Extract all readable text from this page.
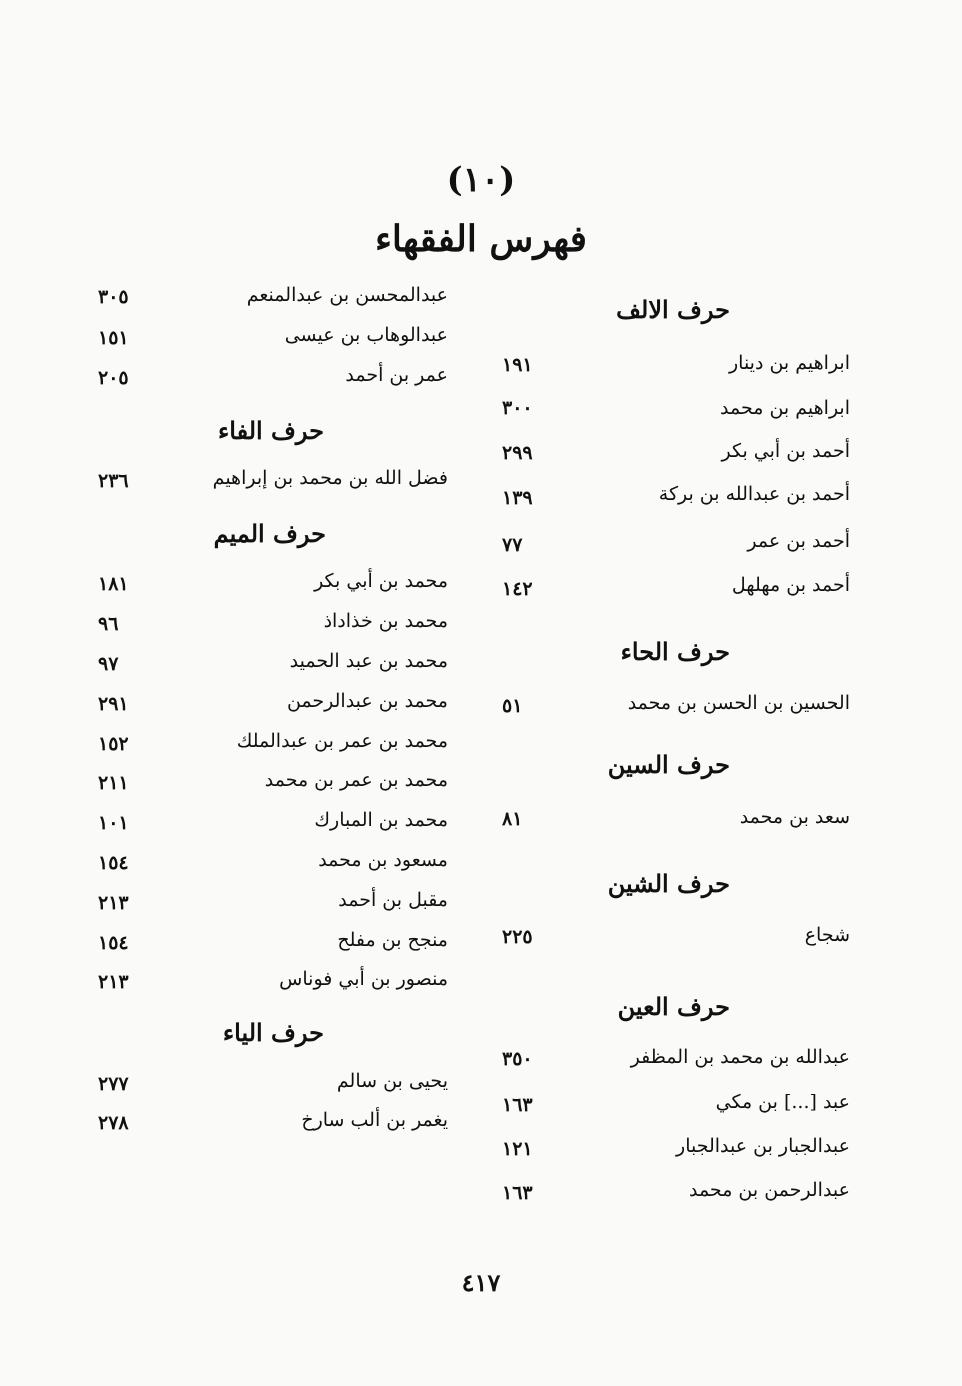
(١٠)
فهرس الفقهاء
حرف الالف
ابراهيم بن دينار
١٩١
ابراهيم بن محمد
٣٠٠
أحمد بن أبي بكر
٢٩٩
أحمد بن عبدالله بن بركة
١٣٩
أحمد بن عمر
٧٧
أحمد بن مهلهل
١٤٢
حرف الحاء
الحسين بن الحسن بن محمد
٥١
حرف السين
سعد بن محمد
٨١
حرف الشين
شجاع
٢٢٥
حرف العين
عبدالله بن محمد بن المظفر
٣٥٠
عبد [...] بن مكي
١٦٣
عبدالجبار بن عبدالجبار
١٢١
عبدالرحمن بن محمد
١٦٣
عبدالمحسن بن عبدالمنعم
٣٠٥
عبدالوهاب بن عيسى
١٥١
عمر بن أحمد
٢٠٥
حرف الفاء
فضل الله بن محمد بن إبراهيم
٢٣٦
حرف الميم
محمد بن أبي بكر
١٨١
محمد بن خذاداذ
٩٦
محمد بن عبد الحميد
٩٧
محمد بن عبدالرحمن
٢٩١
محمد بن عمر بن عبدالملك
١٥٢
محمد بن عمر بن محمد
٢١١
محمد بن المبارك
١٠١
مسعود بن محمد
١٥٤
مقبل بن أحمد
٢١٣
منجح بن مفلح
١٥٤
منصور بن أبي فوناس
٢١٣
حرف الياء
يحيى بن سالم
٢٧٧
يغمر بن ألب سارخ
٢٧٨
٤١٧
